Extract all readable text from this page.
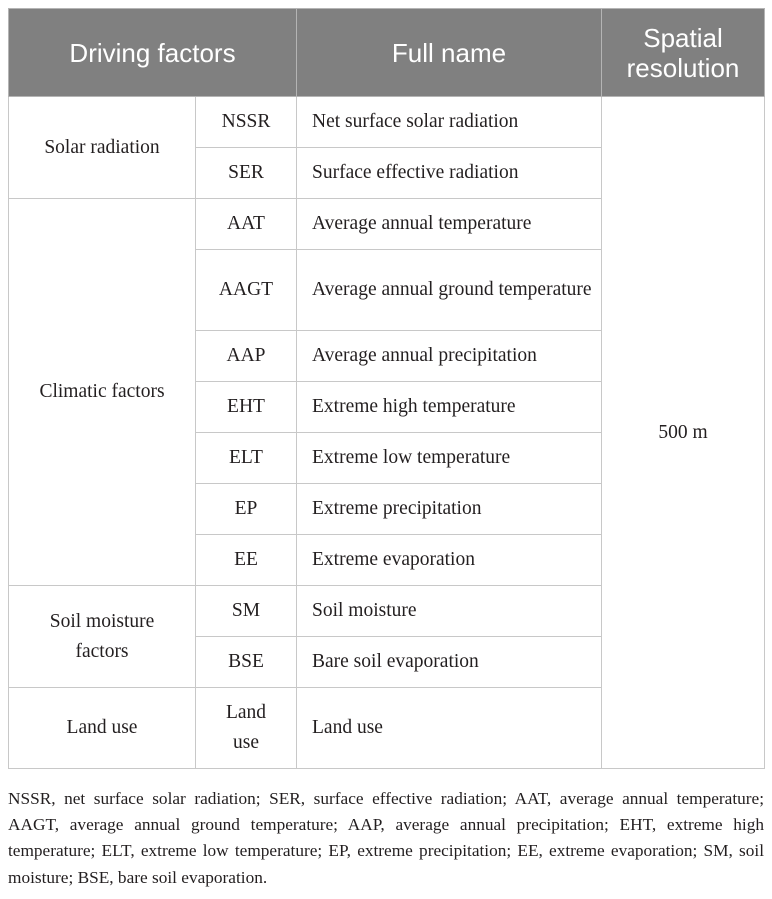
Driving factors		Full name	Spatial resolution
Solar radiation	NSSR	Net surface solar radiation	500 m
	SER	Surface effective radiation	
Climatic factors	AAT	Average annual temperature	
	AAGT	Average annual ground temperature	
	AAP	Average annual precipitation	
	EHT	Extreme high temperature	
	ELT	Extreme low temperature	
	EP	Extreme precipitation	
	EE	Extreme evaporation	
Soil moisture factors	SM	Soil moisture	
	BSE	Bare soil evaporation	
Land use	Land use	Land use	

NSSR, net surface solar radiation; SER, surface effective radiation; AAT, average annual temperature; AAGT, average annual ground temperature; AAP, average annual precipitation; EHT, extreme high temperature; ELT, extreme low temperature; EP, extreme precipitation; EE, extreme evaporation; SM, soil moisture; BSE, bare soil evaporation.
